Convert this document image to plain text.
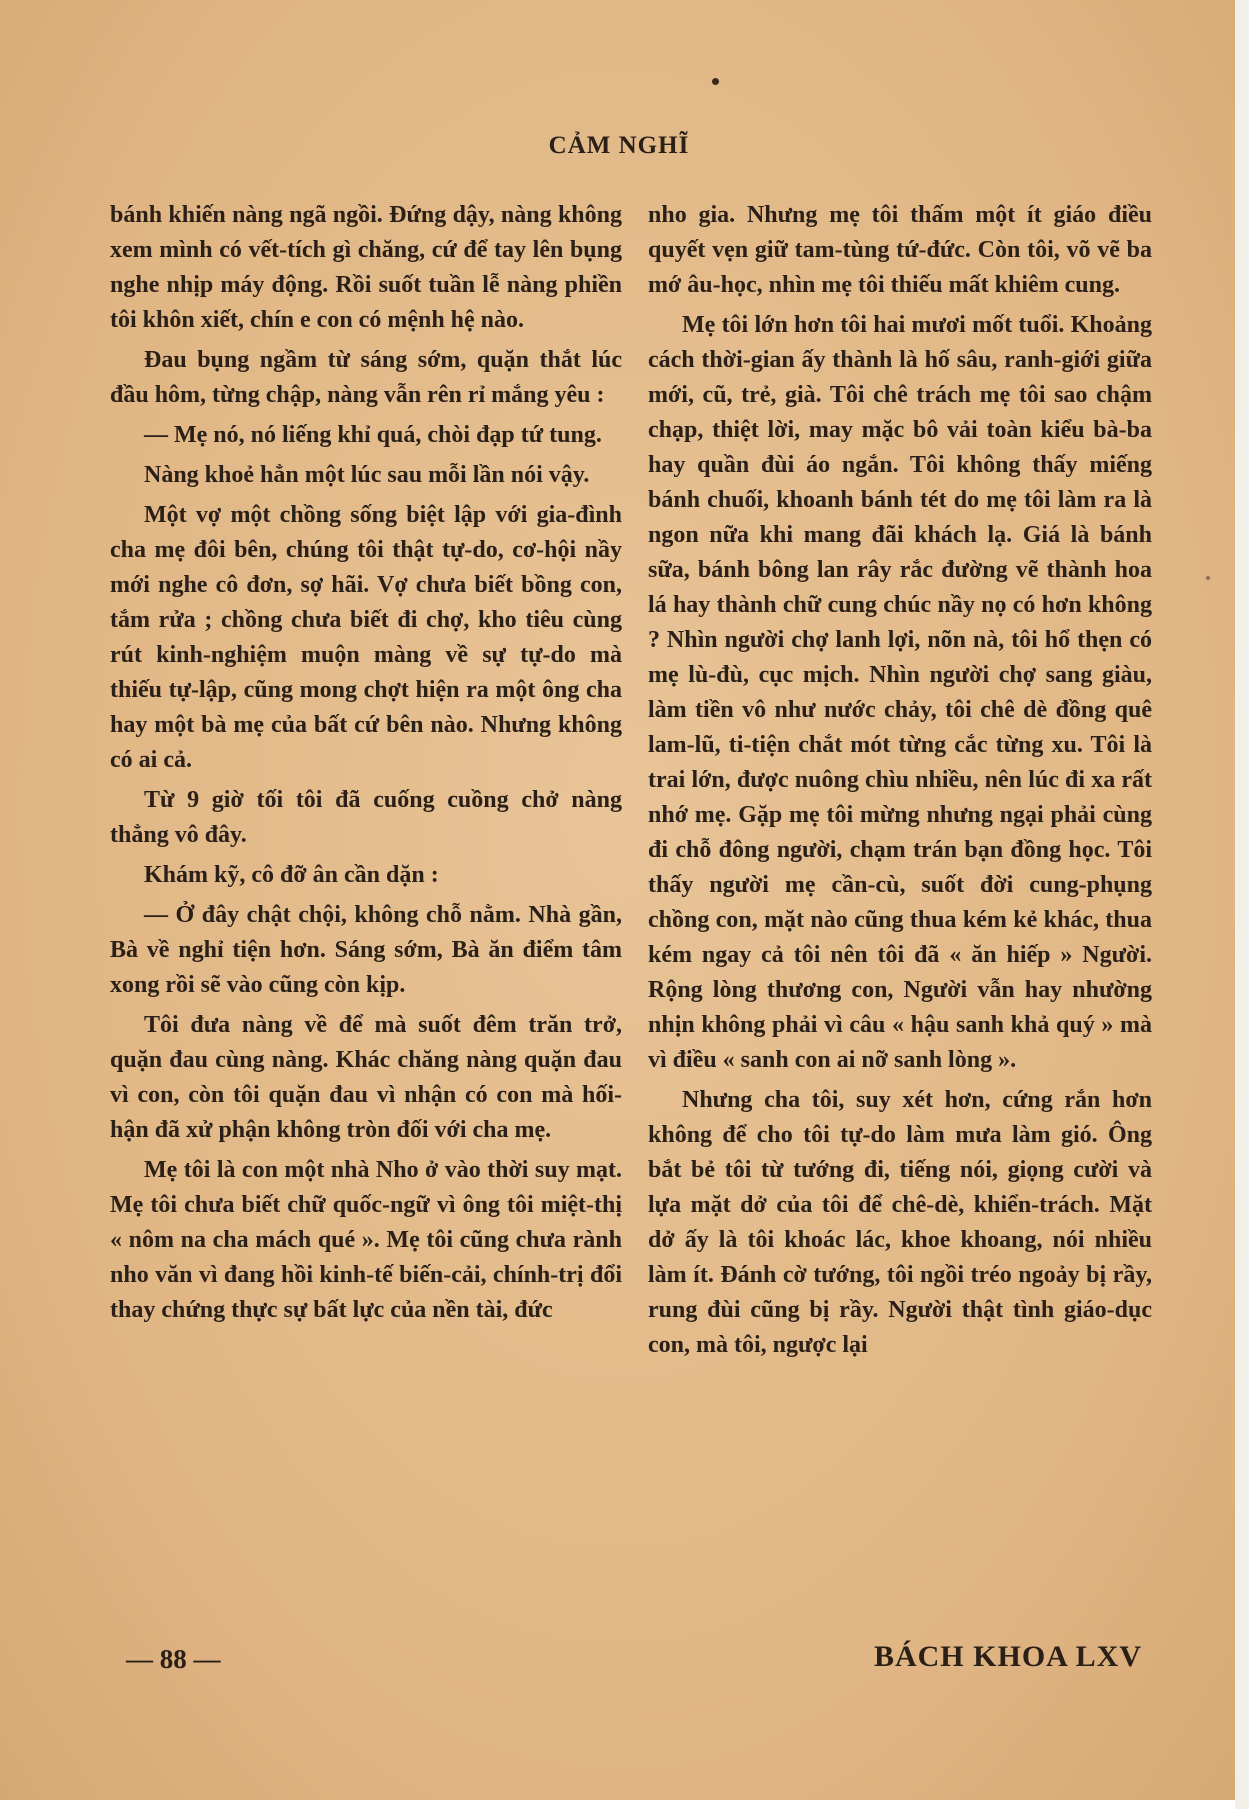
CẢM NGHĨ

bánh khiến nàng ngã ngồi. Đứng dậy, nàng không xem mình có vết-tích gì chăng, cứ để tay lên bụng nghe nhịp máy động. Rồi suốt tuần lễ nàng phiền tôi khôn xiết, chín e con có mệnh hệ nào.

Đau bụng ngầm từ sáng sớm, quặn thắt lúc đầu hôm, từng chập, nàng vẫn rên rỉ mắng yêu :

— Mẹ nó, nó liếng khỉ quá, chòi đạp tứ tung.

Nàng khoẻ hẳn một lúc sau mỗi lần nói vậy.

Một vợ một chồng sống biệt lập với gia-đình cha mẹ đôi bên, chúng tôi thật tự-do, cơ-hội nầy mới nghe cô đơn, sợ hãi. Vợ chưa biết bồng con, tắm rửa ; chồng chưa biết đi chợ, kho tiêu cùng rút kinh-nghiệm muộn màng về sự tự-do mà thiếu tự-lập, cũng mong chợt hiện ra một ông cha hay một bà mẹ của bất cứ bên nào. Nhưng không có ai cả.

Từ 9 giờ tối tôi đã cuống cuồng chở nàng thẳng vô đây.

Khám kỹ, cô đỡ ân cần dặn :

— Ở đây chật chội, không chỗ nằm. Nhà gần, Bà về nghỉ tiện hơn. Sáng sớm, Bà ăn điểm tâm xong rồi sẽ vào cũng còn kịp.

Tôi đưa nàng về để mà suốt đêm trăn trở, quặn đau cùng nàng. Khác chăng nàng quặn đau vì con, còn tôi quặn đau vì nhận có con mà hối-hận đã xử phận không tròn đối với cha mẹ.

Mẹ tôi là con một nhà Nho ở vào thời suy mạt. Mẹ tôi chưa biết chữ quốc-ngữ vì ông tôi miệt-thị « nôm na cha mách qué ». Mẹ tôi cũng chưa rành nho văn vì đang hồi kinh-tế biến-cải, chính-trị đổi thay chứng thực sự bất lực của nền tài, đức

nho gia. Nhưng mẹ tôi thấm một ít giáo điều quyết vẹn giữ tam-tùng tứ-đức. Còn tôi, võ vẽ ba mớ âu-học, nhìn mẹ tôi thiếu mất khiêm cung.

Mẹ tôi lớn hơn tôi hai mươi mốt tuổi. Khoảng cách thời-gian ấy thành là hố sâu, ranh-giới giữa mới, cũ, trẻ, già. Tôi chê trách mẹ tôi sao chậm chạp, thiệt lời, may mặc bô vải toàn kiểu bà-ba hay quần đùi áo ngắn. Tôi không thấy miếng bánh chuối, khoanh bánh tét do mẹ tôi làm ra là ngon nữa khi mang đãi khách lạ. Giá là bánh sữa, bánh bông lan rây rắc đường vẽ thành hoa lá hay thành chữ cung chúc nầy nọ có hơn không ? Nhìn người chợ lanh lợi, nõn nà, tôi hổ thẹn có mẹ lù-đù, cục mịch. Nhìn người chợ sang giàu, làm tiền vô như nước chảy, tôi chê dè đồng quê lam-lũ, ti-tiện chắt mót từng cắc từng xu. Tôi là trai lớn, được nuông chìu nhiều, nên lúc đi xa rất nhớ mẹ. Gặp mẹ tôi mừng nhưng ngại phải cùng đi chỗ đông người, chạm trán bạn đồng học. Tôi thấy người mẹ cần-cù, suốt đời cung-phụng chồng con, mặt nào cũng thua kém kẻ khác, thua kém ngay cả tôi nên tôi đã « ăn hiếp » Người. Rộng lòng thương con, Người vẫn hay nhường nhịn không phải vì câu « hậu sanh khả quý » mà vì điều « sanh con ai nỡ sanh lòng ».

Nhưng cha tôi, suy xét hơn, cứng rắn hơn không để cho tôi tự-do làm mưa làm gió. Ông bắt bẻ tôi từ tướng đi, tiếng nói, giọng cười và lựa mặt dở của tôi để chê-dè, khiển-trách. Mặt dở ấy là tôi khoác lác, khoe khoang, nói nhiều làm ít. Đánh cờ tướng, tôi ngồi tréo ngoảy bị rầy, rung đùi cũng bị rầy. Người thật tình giáo-dục con, mà tôi, ngược lại

— 88 —	BÁCH KHOA LXV
